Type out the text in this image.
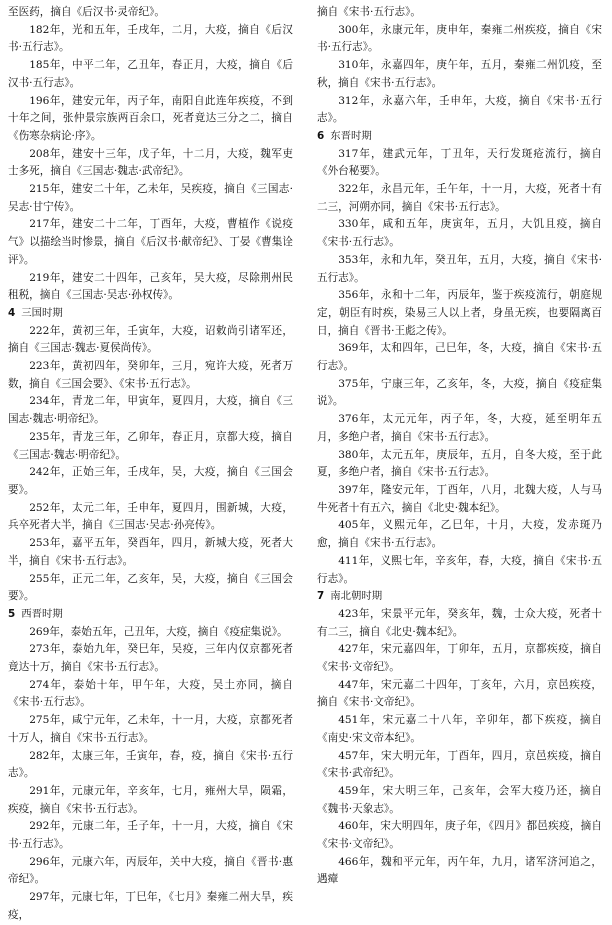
至医药，摘自《后汉书·灵帝纪》。

182年，光和五年，壬戌年，二月，大疫，摘自《后汉书·五行志》。

185年，中平二年，乙丑年，春正月，大疫，摘自《后汉书·五行志》。

196年，建安元年，丙子年，南阳自此连年疾疫，不到十年之间，张仲景宗族两百余口，死者竟达三分之二，摘自《伤寒杂病论·序》。

208年，建安十三年，戊子年，十二月，大疫，魏军吏士多死，摘自《三国志·魏志·武帝纪》。

215年，建安二十年，乙未年，吴疾疫，摘自《三国志·吴志·甘宁传》。

217年，建安二十二年，丁酉年，大疫，曹植作《说疫气》以描绘当时惨景，摘自《后汉书·献帝纪》、丁晏《曹集诠评》。

219年，建安二十四年，己亥年，吴大疫，尽除荆州民租税，摘自《三国志·吴志·孙权传》。

4 三国时期

222年，黄初三年，壬寅年，大疫，诏敕尚引诸军还，摘自《三国志·魏志·夏侯尚传》。

223年，黄初四年，癸卯年，三月，宛许大疫，死者万数，摘自《三国会要》、《宋书·五行志》。

234年，青龙二年，甲寅年，夏四月，大疫，摘自《三国志·魏志·明帝纪》。

235年，青龙三年，乙卯年，春正月，京都大疫，摘自《三国志·魏志·明帝纪》。

242年，正始三年，壬戌年，吴，大疫，摘自《三国会要》。

252年，太元二年，壬申年，夏四月，围新城，大疫，兵卒死者大半，摘自《三国志·吴志·孙亮传》。

253年，嘉平五年，癸酉年，四月，新城大疫，死者大半，摘自《宋书·五行志》。

255年，正元二年，乙亥年，吴，大疫，摘自《三国会要》。

5 西晋时期

269年，泰始五年，己丑年，大疫，摘自《疫症集说》。

273年，泰始九年，癸巳年，吴疫，三年内仅京都死者竟达十万，摘自《宋书·五行志》。

274年，泰始十年，甲午年，大疫，吴土亦同，摘自《宋书·五行志》。

275年，咸宁元年，乙未年，十一月，大疫，京都死者十万人，摘自《宋书·五行志》。

282年，太康三年，壬寅年，春，疫，摘自《宋书·五行志》。

291年，元康元年，辛亥年，七月，雍州大旱，陨霜，疾疫，摘自《宋书·五行志》。

292年，元康二年，壬子年，十一月，大疫，摘自《宋书·五行志》。

296年，元康六年，丙辰年，关中大疫，摘自《晋书·惠帝纪》。

297年，元康七年，丁巳年，《七月》秦雍二州大旱，疾疫，

摘自《宋书·五行志》。

300年，永康元年，庚申年，秦雍二州疾疫，摘自《宋书·五行志》。

310年，永嘉四年，庚午年，五月，秦雍二州饥疫，至秋，摘自《宋书·五行志》。

312年，永嘉六年，壬申年，大疫，摘自《宋书·五行志》。

6 东晋时期

317年，建武元年，丁丑年，天行发斑疮流行，摘自《外台秘要》。

322年，永昌元年，壬午年，十一月，大疫，死者十有二三，河朔亦同，摘自《宋书·五行志》。

330年，咸和五年，庚寅年，五月，大饥且疫，摘自《宋书·五行志》。

353年，永和九年，癸丑年，五月，大疫，摘自《宋书·五行志》。

356年，永和十二年，丙辰年，鉴于疾疫流行，朝庭规定，朝臣有时疾，染易三人以上者，身虽无疾，也要隔离百日，摘自《晋书·王彪之传》。

369年，太和四年，己巳年，冬，大疫，摘自《宋书·五行志》。

375年，宁康三年，乙亥年，冬，大疫，摘自《疫症集说》。

376年，太元元年，丙子年，冬，大疫，延至明年五月，多绝户者，摘自《宋书·五行志》。

380年，太元五年，庚辰年，五月，自冬大疫，至于此夏，多绝户者，摘自《宋书·五行志》。

397年，隆安元年，丁酉年，八月，北魏大疫，人与马牛死者十有五六，摘自《北史·魏本纪》。

405年，义熙元年，乙巳年，十月，大疫，发赤斑乃愈，摘自《宋书·五行志》。

411年，义熙七年，辛亥年，春，大疫，摘自《宋书·五行志》。

7 南北朝时期

423年，宋景平元年，癸亥年，魏，士众大疫，死者十有二三，摘自《北史·魏本纪》。

427年，宋元嘉四年，丁卯年，五月，京都疾疫，摘自《宋书·文帝纪》。

447年，宋元嘉二十四年，丁亥年，六月，京邑疾疫，摘自《宋书·文帝纪》。

451年，宋元嘉二十八年，辛卯年，都下疾疫，摘自《南史·宋文帝本纪》。

457年，宋大明元年，丁酉年，四月，京邑疾疫，摘自《宋书·武帝纪》。

459年，宋大明三年，己亥年，会军大疫乃还，摘自《魏书·天象志》。

460年，宋大明四年，庚子年，《四月》都邑疾疫，摘自《宋书·文帝纪》。

466年，魏和平元年，丙午年，九月，诸军济河追之，遇瘴
